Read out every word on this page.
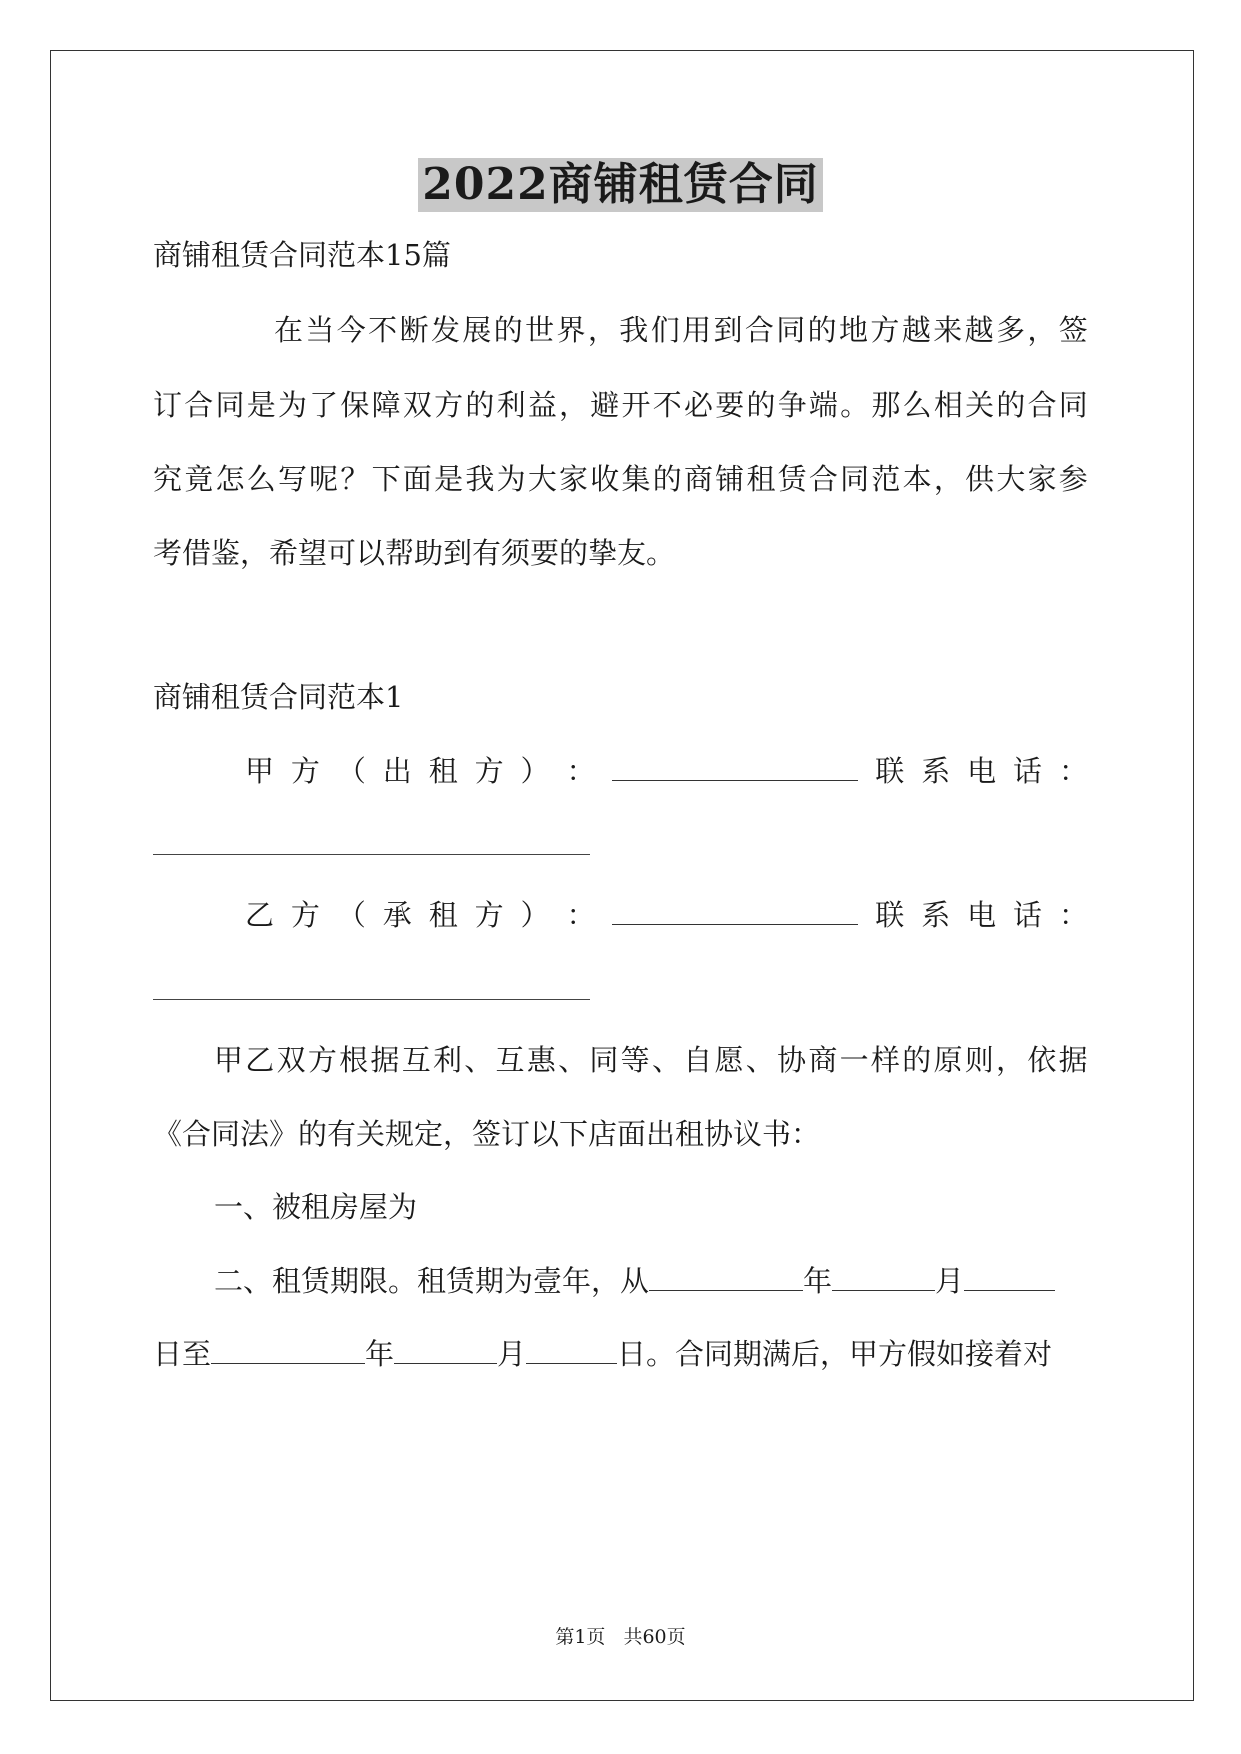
2022商铺租赁合同
商铺租赁合同范本15篇
在 当 今 不 断 发 展 的 世 界 ， 我 们 用 到 合 同 的 地 方 越 来 越 多 ， 签
订 合 同 是 为 了 保 障 双 方 的 利 益 ， 避 开 不 必 要 的 争 端 。 那 么 相 关 的 合 同
究 竟 怎 么 写 呢 ？ 下 面 是 我 为 大 家 收 集 的 商 铺 租 赁 合 同 范 本 ， 供 大 家 参
考借鉴，希望可以帮助到有须要的挚友。
商铺租赁合同范本1
甲 方 （ 出 租 方 ） ：	联 系 电 话 ：
乙 方 （ 承 租 方 ） ：	联 系 电 话 ：
甲 乙 双 方 根 据 互 利 、 互 惠 、 同 等 、 自 愿 、 协 商 一 样 的 原 则 ， 依 据
《合同法》的有关规定，签订以下店面出租协议书：
一、被租房屋为
二、租赁期限。租赁期为壹年，从	年	月
日至	年	月	日。合同期满后，甲方假如接着对
第1页 共60页
